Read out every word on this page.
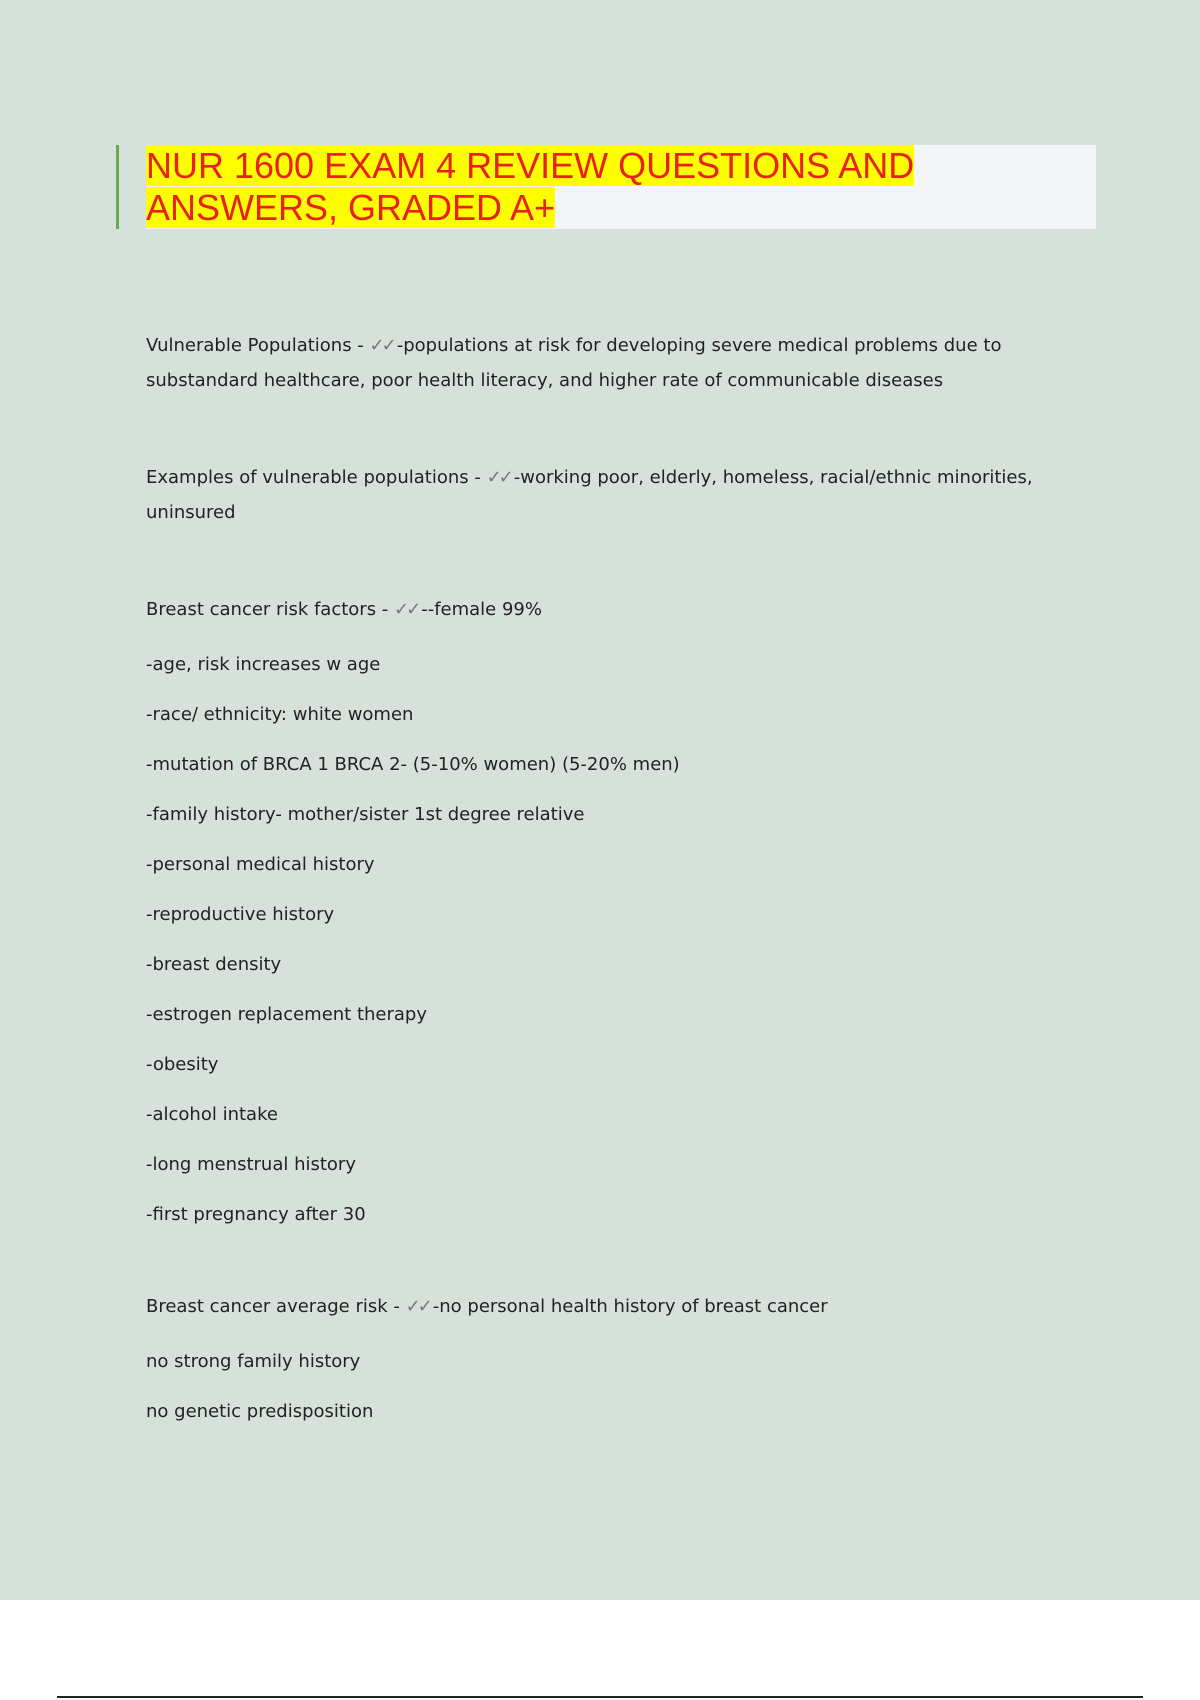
NUR 1600 EXAM 4 REVIEW QUESTIONS AND ANSWERS, GRADED A+

Vulnerable Populations - ✓✓ -populations at risk for developing severe medical problems due to substandard healthcare, poor health literacy, and higher rate of communicable diseases

Examples of vulnerable populations - ✓✓ -working poor, elderly, homeless, racial/ethnic minorities, uninsured

Breast cancer risk factors - ✓✓ --female 99%

-age, risk increases w age

-race/ ethnicity: white women

-mutation of BRCA 1 BRCA 2- (5-10% women) (5-20% men)

-family history- mother/sister 1st degree relative

-personal medical history

-reproductive history

-breast density

-estrogen replacement therapy

-obesity

-alcohol intake

-long menstrual history

-first pregnancy after 30

Breast cancer average risk - ✓✓ -no personal health history of breast cancer

no strong family history

no genetic predisposition
